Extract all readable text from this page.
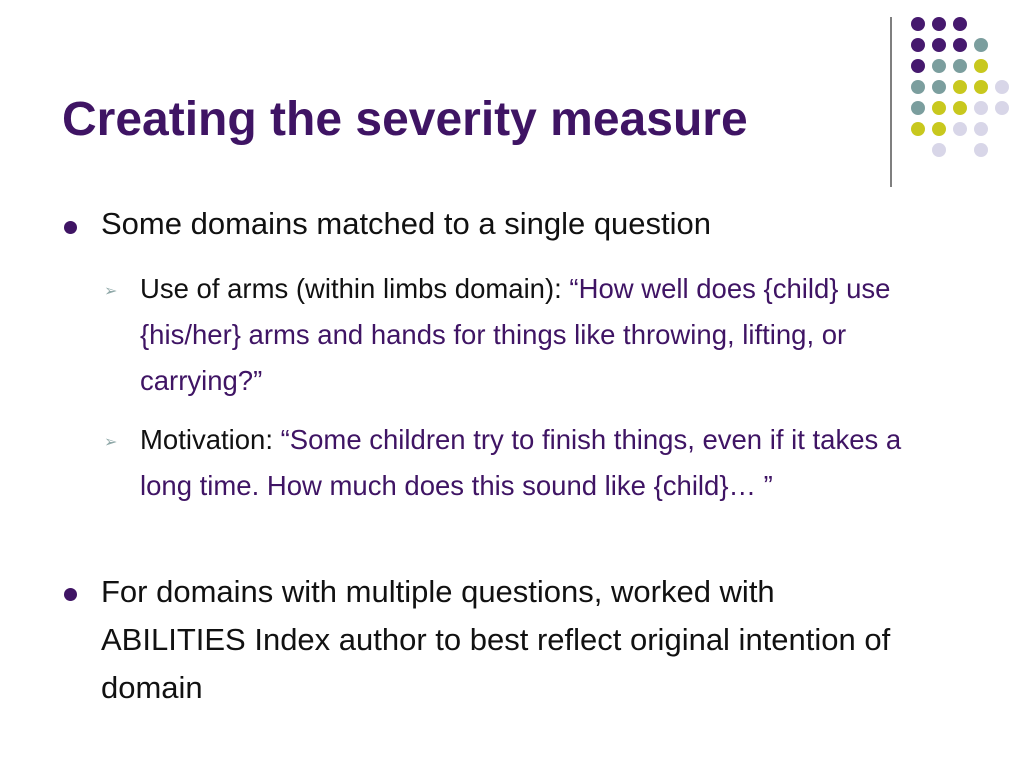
Creating the severity measure
Some domains matched to a single question
➢ Use of arms (within limbs domain): “How well does {child} use {his/her} arms and hands for things like throwing, lifting, or carrying?”
➢ Motivation: “Some children try to finish things, even if it takes a long time. How much does this sound like {child}… ”
For domains with multiple questions, worked with ABILITIES Index author to best reflect original intention of domain
